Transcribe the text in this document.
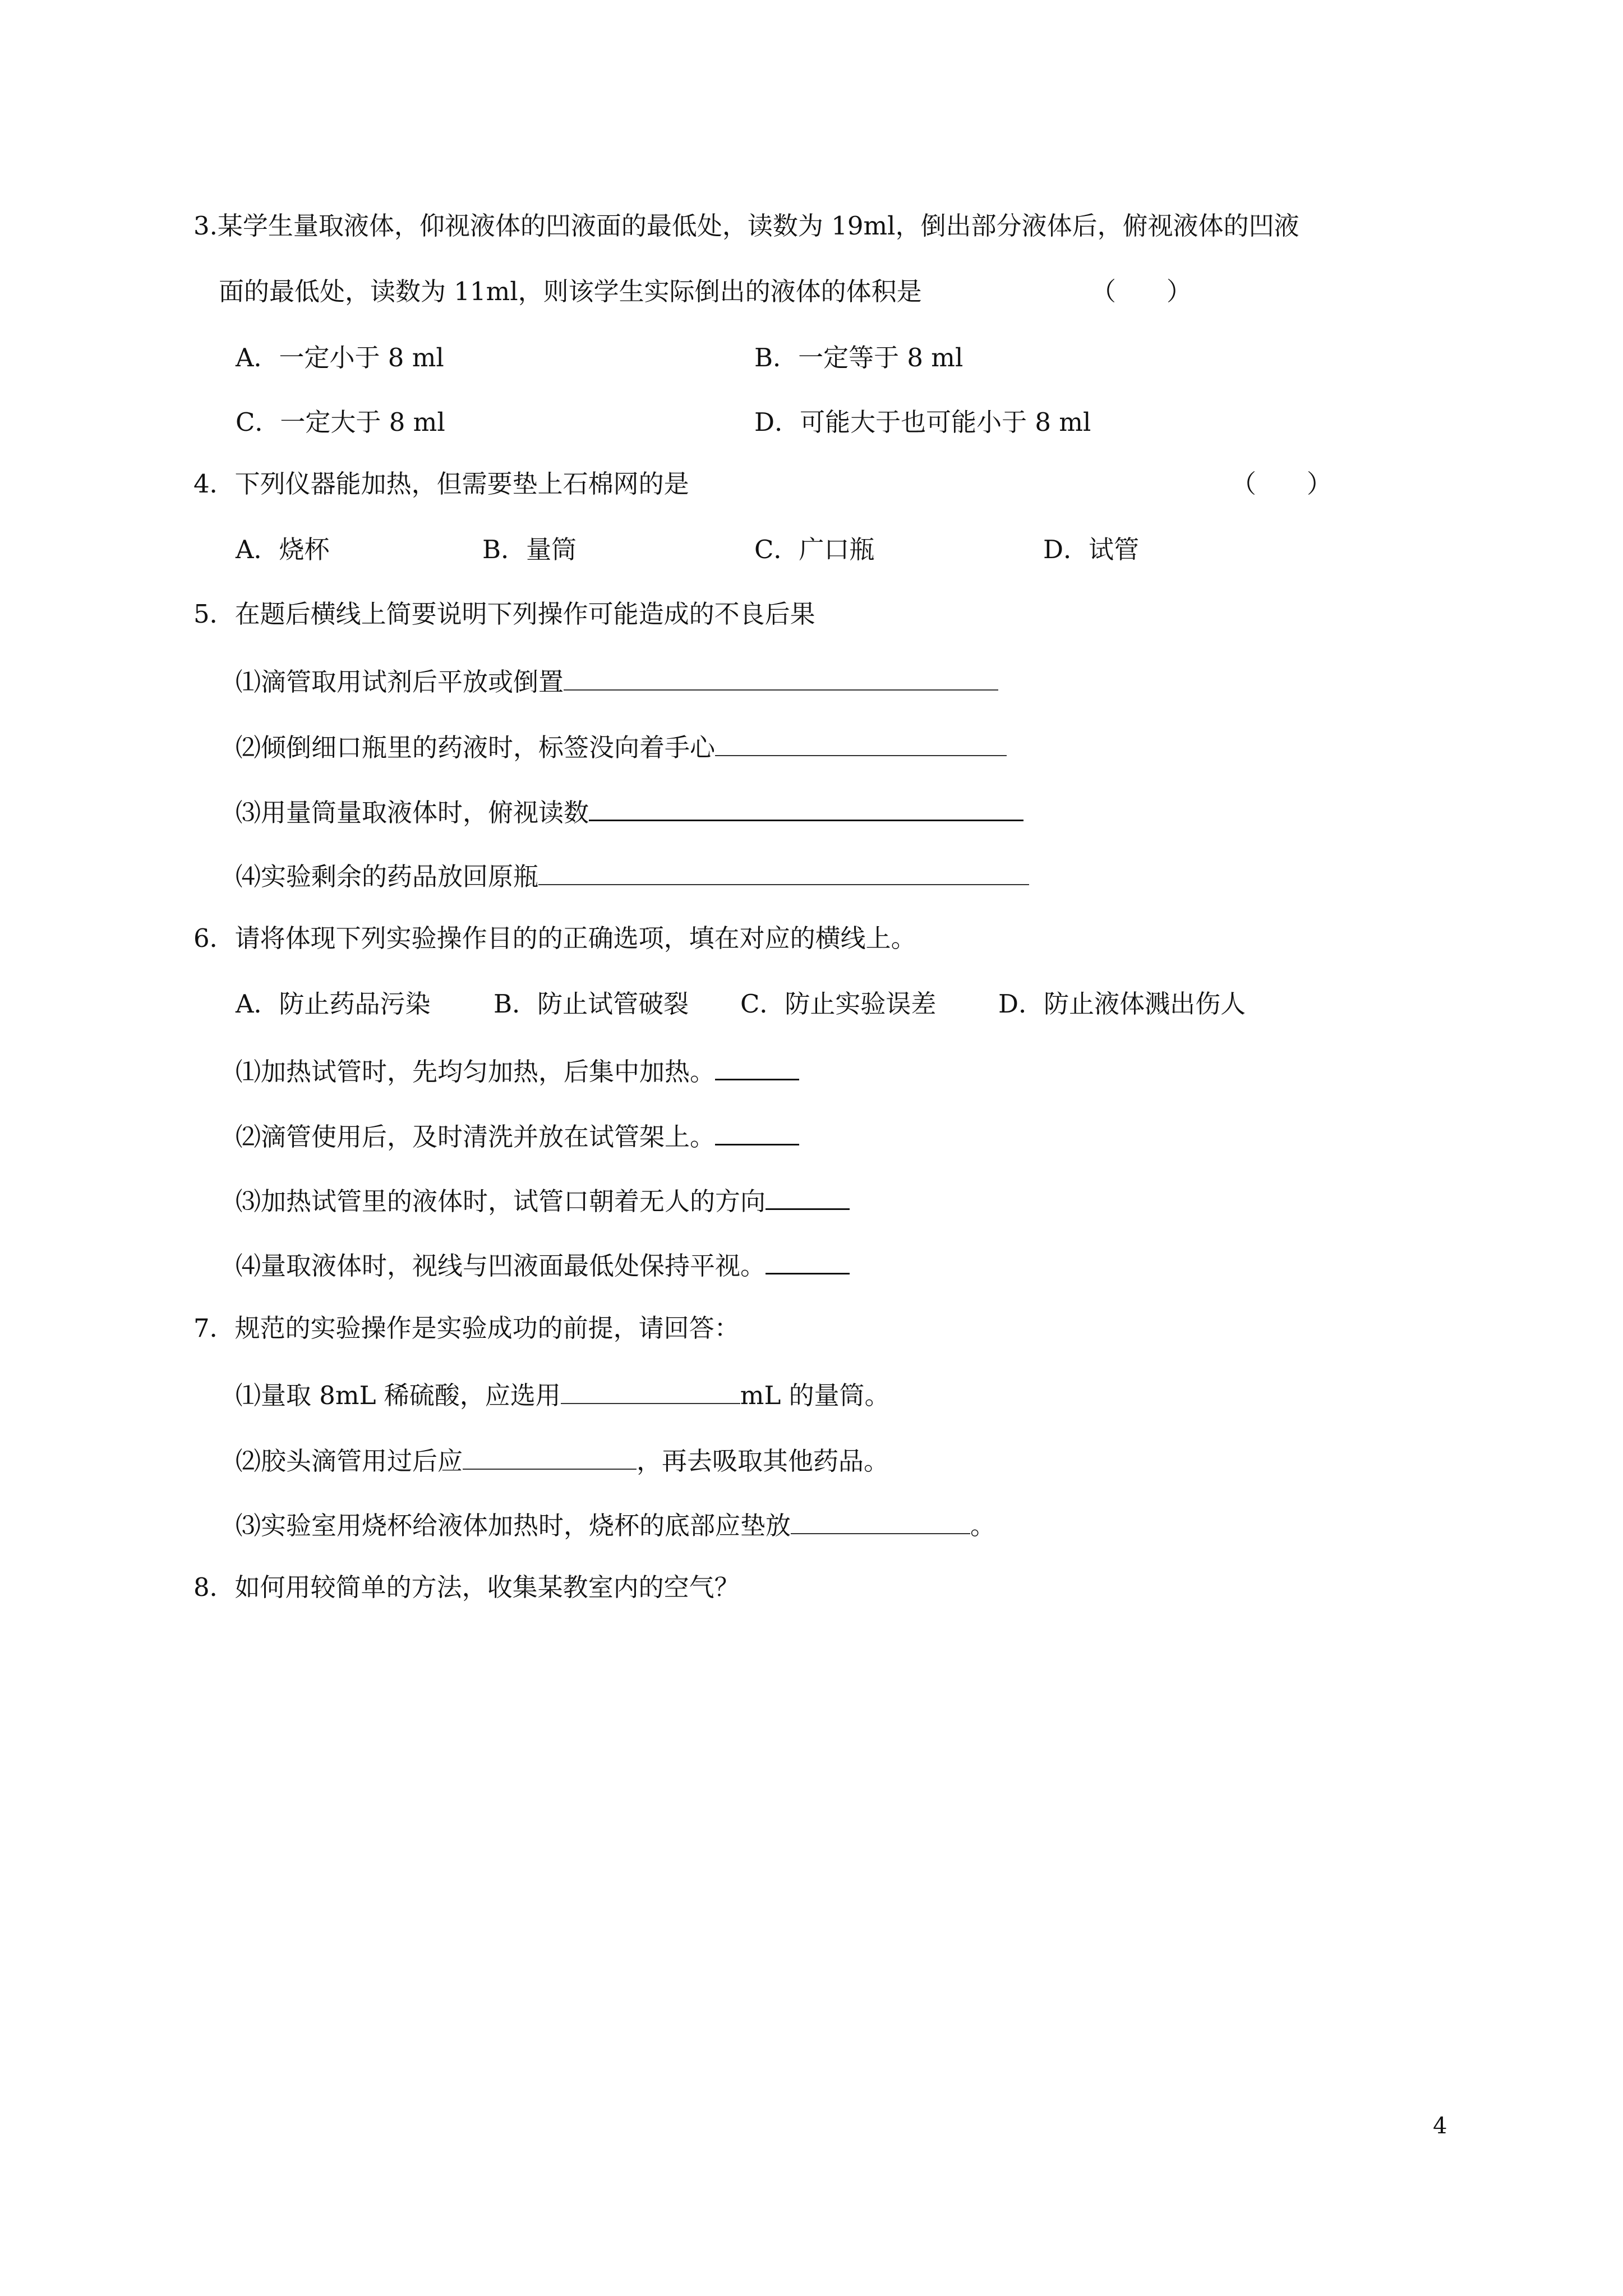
3.某学生量取液体，仰视液体的凹液面的最低处，读数为 19ml，倒出部分液体后，俯视液体的凹液
面的最低处，读数为 11ml，则该学生实际倒出的液体的体积是	（　　）
A．一定小于 8 ml	B．一定等于 8 ml
C．一定大于 8 ml	D．可能大于也可能小于 8 ml
4．下列仪器能加热，但需要垫上石棉网的是	（　　）
A．烧杯	B．量筒	C．广口瓶	D．试管
5．在题后横线上简要说明下列操作可能造成的不良后果
⑴滴管取用试剂后平放或倒置
⑵倾倒细口瓶里的药液时，标签没向着手心
⑶用量筒量取液体时，俯视读数
⑷实验剩余的药品放回原瓶
6．请将体现下列实验操作目的的正确选项，填在对应的横线上。
A．防止药品污染	B．防止试管破裂 C．防止实验误差 D．防止液体溅出伤人
⑴加热试管时，先均匀加热，后集中加热。
⑵滴管使用后，及时清洗并放在试管架上。
⑶加热试管里的液体时，试管口朝着无人的方向
⑷量取液体时，视线与凹液面最低处保持平视。
7．规范的实验操作是实验成功的前提，请回答：
⑴量取 8mL 稀硫酸，应选用	mL 的量筒。
⑵胶头滴管用过后应	，再去吸取其他药品。
⑶实验室用烧杯给液体加热时，烧杯的底部应垫放	。
8．如何用较简单的方法，收集某教室内的空气？
4
